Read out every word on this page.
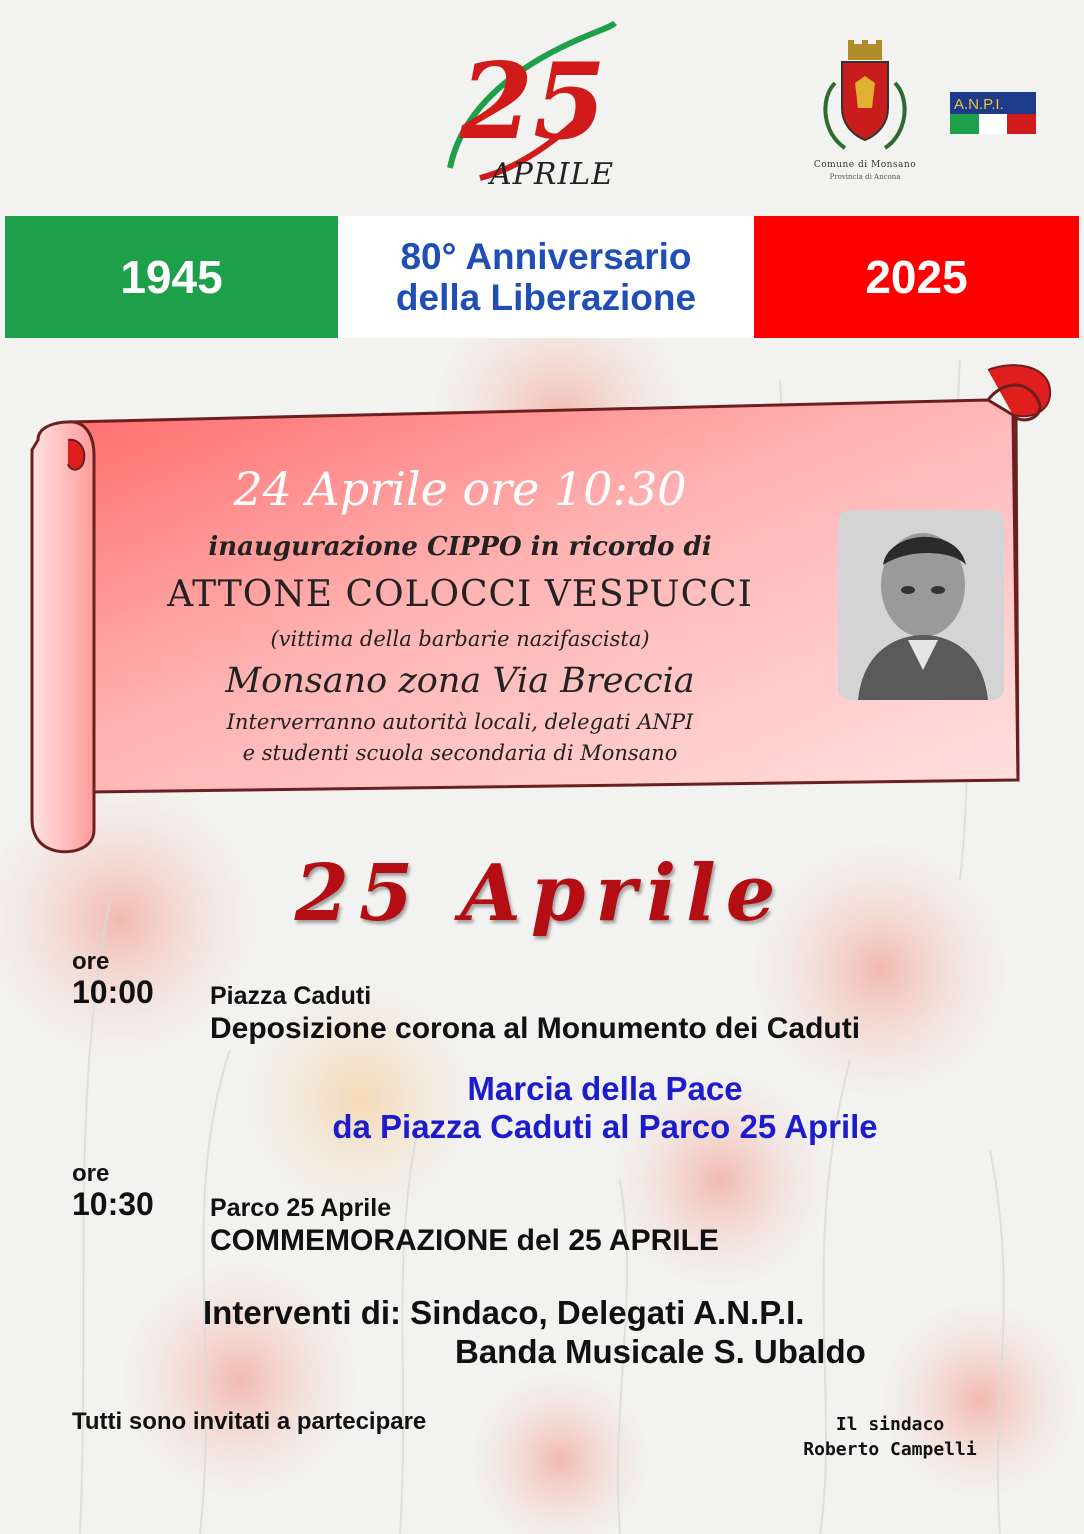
25
APRILE	Comune di Monsano
Provincia di Ancona
A.N.P.I.
1945	80° Anniversario
della Liberazione	2025
24 Aprile ore 10:30
inaugurazione CIPPO in ricordo di
ATTONE COLOCCI VESPUCCI
(vittima della barbarie nazifascista)
Monsano zona Via Breccia
Interverranno autorità locali, delegati ANPI
e studenti scuola secondaria di Monsano
25 Aprile
ore
10:00 Piazza Caduti
Deposizione corona al Monumento dei Caduti
Marcia della Pace
da Piazza Caduti al Parco 25 Aprile
ore
10:30 Parco 25 Aprile
COMMEMORAZIONE del 25 APRILE
Interventi di: Sindaco, Delegati A.N.P.I.
Banda Musicale S. Ubaldo
Tutti sono invitati a partecipare	Il sindaco
Roberto Campelli
